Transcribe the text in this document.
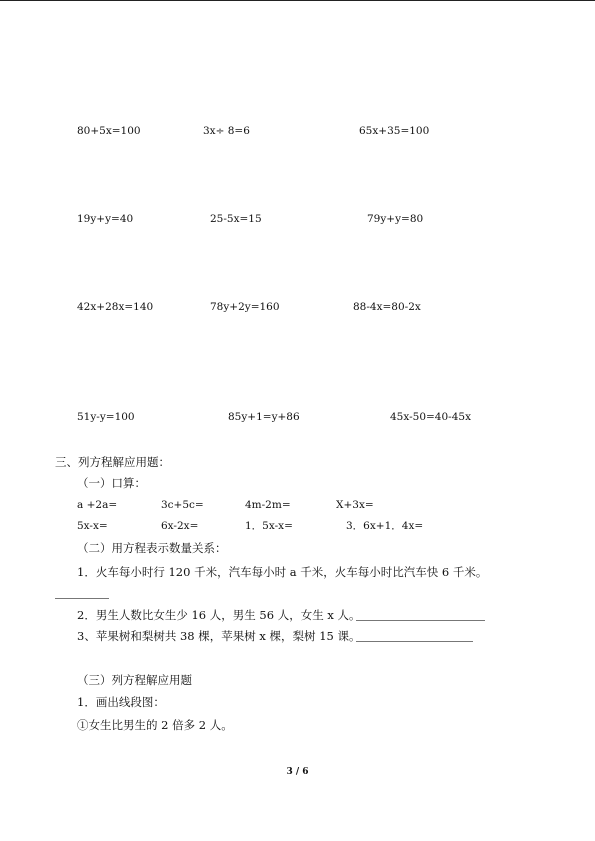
80+5x=100	3x÷ 8=6	65x+35=100
19y+y=40	25-5x=15	79y+y=80
42x+28x=140	78y+2y=160	88-4x=80-2x
51y-y=100	85y+1=y+86	45x-50=40-45x
三、列方程解应用题：
（一）口算：
a +2a=	3c+5c=	4m-2m=	X+3x=
5x-x=	6x-2x=	1．5x-x=	3．6x+1．4x=
（二）用方程表示数量关系：
1．火车每小时行 120 千米，汽车每小时 a 千米，火车每小时比汽车快 6 千米。
2．男生人数比女生少 16 人，男生 56 人，女生 x 人。
3、苹果树和梨树共 38 棵，苹果树 x 棵，梨树 15 课。
（三）列方程解应用题
1．画出线段图：
①女生比男生的 2 倍多 2 人。
3 / 6
